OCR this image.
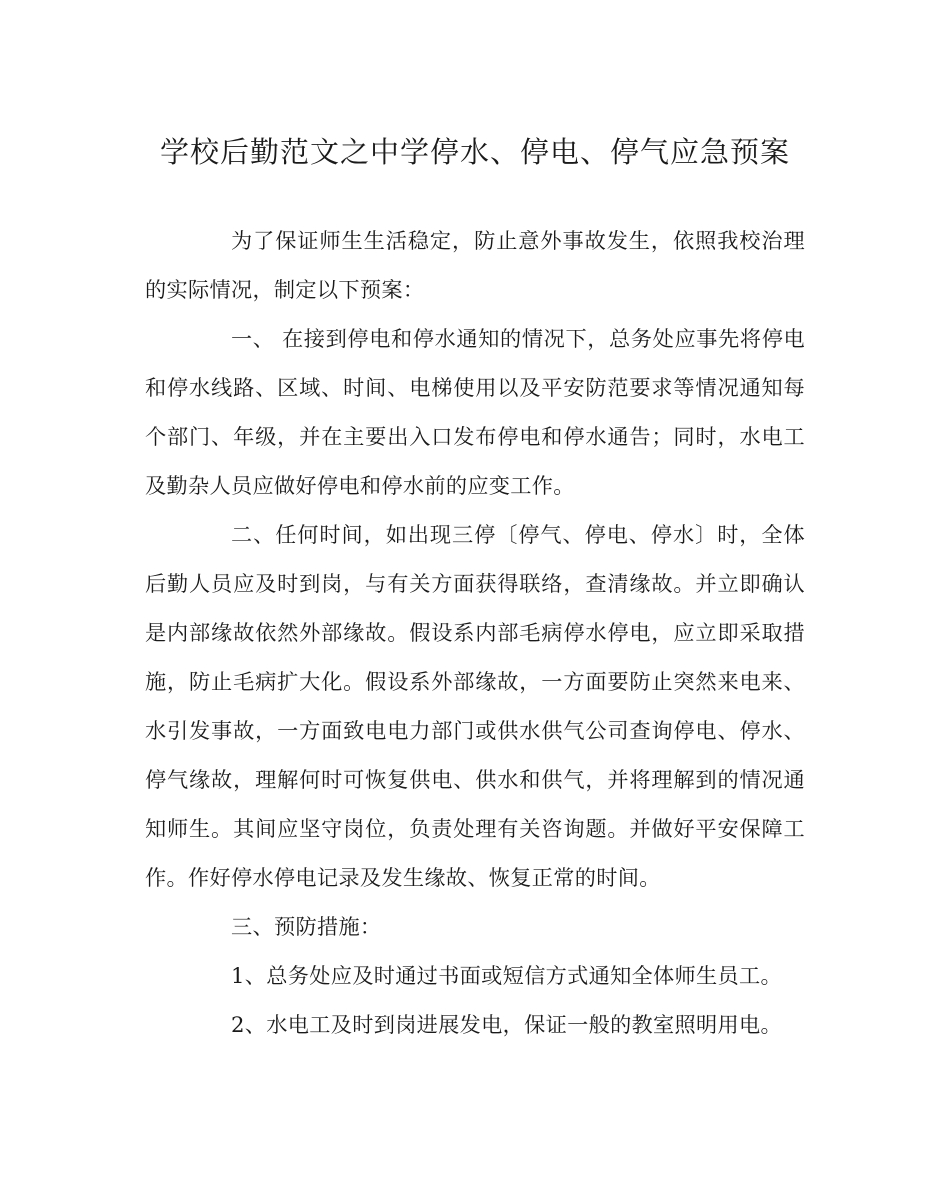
学校后勤范文之中学停水、停电、停气应急预案

为了保证师生生活稳定，防止意外事故发生，依照我校治理的实际情况，制定以下预案：

一、 在接到停电和停水通知的情况下，总务处应事先将停电和停水线路、区域、时间、电梯使用以及平安防范要求等情况通知每个部门、年级，并在主要出入口发布停电和停水通告；同时，水电工及勤杂人员应做好停电和停水前的应变工作。

二、任何时间，如出现三停〔停气、停电、停水〕时，全体后勤人员应及时到岗，与有关方面获得联络，查清缘故。并立即确认是内部缘故依然外部缘故。假设系内部毛病停水停电，应立即采取措施，防止毛病扩大化。假设系外部缘故，一方面要防止突然来电来、水引发事故，一方面致电电力部门或供水供气公司查询停电、停水、停气缘故，理解何时可恢复供电、供水和供气，并将理解到的情况通知师生。其间应坚守岗位，负责处理有关咨询题。并做好平安保障工作。作好停水停电记录及发生缘故、恢复正常的时间。

三、预防措施：

1、总务处应及时通过书面或短信方式通知全体师生员工。

2、水电工及时到岗进展发电，保证一般的教室照明用电。
